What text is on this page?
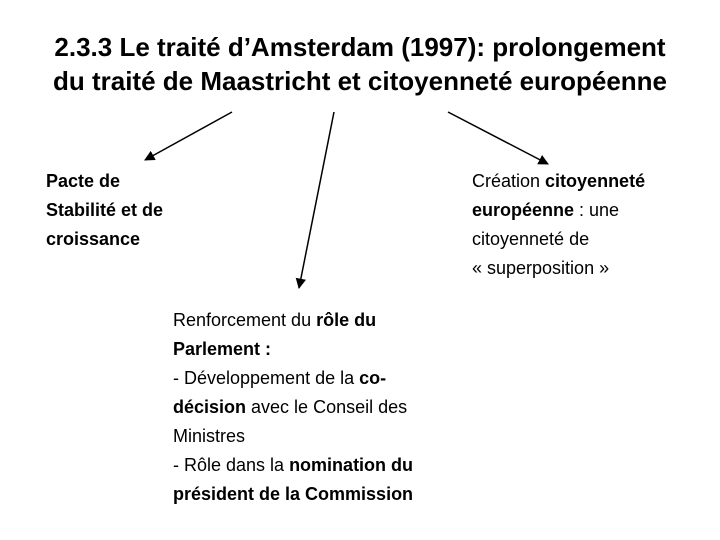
2.3.3 Le traité d’Amsterdam (1997): prolongement
du traité de Maastricht et citoyenneté européenne
Pacte de
Stabilité et de
croissance
Création citoyenneté
européenne : une
citoyenneté de
« superposition »
Renforcement du rôle du
Parlement :
- Développement de la co-
décision avec le Conseil des
Ministres
- Rôle dans la nomination du
président de la Commission
